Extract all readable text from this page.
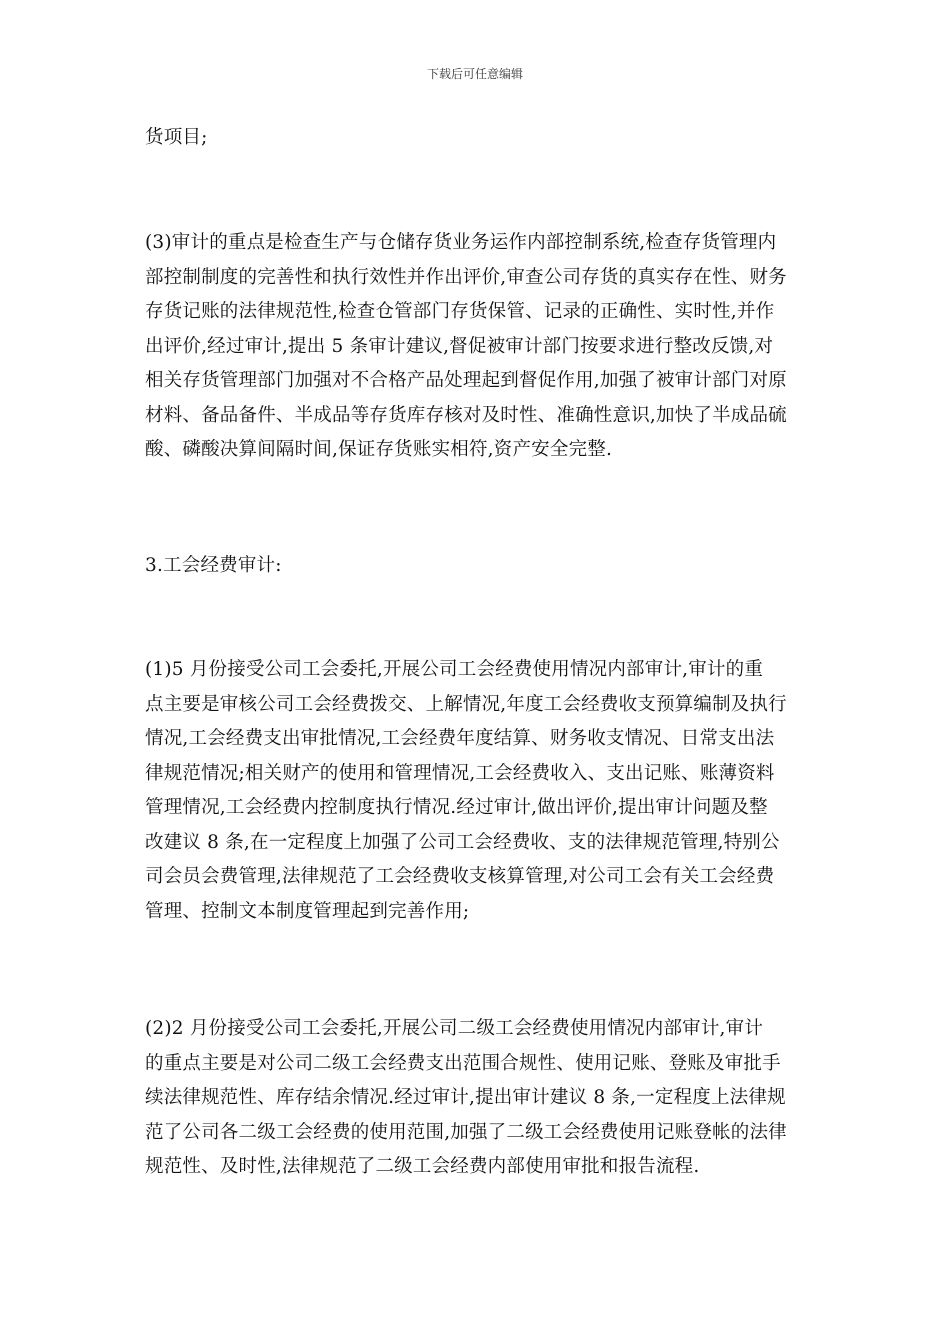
下载后可任意编辑
货项目;
(3)审计的重点是检查生产与仓储存货业务运作内部控制系统,检查存货管理内
部控制制度的完善性和执行效性并作出评价,审查公司存货的真实存在性、财务
存货记账的法律规范性,检查仓管部门存货保管、记录的正确性、实时性,并作
出评价,经过审计,提出 5 条审计建议,督促被审计部门按要求进行整改反馈,对
相关存货管理部门加强对不合格产品处理起到督促作用,加强了被审计部门对原
材料、备品备件、半成品等存货库存核对及时性、准确性意识,加快了半成品硫
酸、磷酸决算间隔时间,保证存货账实相符,资产安全完整.
3.工会经费审计:
(1)5 月份接受公司工会委托,开展公司工会经费使用情况内部审计,审计的重
点主要是审核公司工会经费拨交、上解情况,年度工会经费收支预算编制及执行
情况,工会经费支出审批情况,工会经费年度结算、财务收支情况、日常支出法
律规范情况;相关财产的使用和管理情况,工会经费收入、支出记账、账薄资料
管理情况,工会经费内控制度执行情况.经过审计,做出评价,提出审计问题及整
改建议 8 条,在一定程度上加强了公司工会经费收、支的法律规范管理,特别公
司会员会费管理,法律规范了工会经费收支核算管理,对公司工会有关工会经费
管理、控制文本制度管理起到完善作用;
(2)2 月份接受公司工会委托,开展公司二级工会经费使用情况内部审计,审计
的重点主要是对公司二级工会经费支出范围合规性、使用记账、登账及审批手
续法律规范性、库存结余情况.经过审计,提出审计建议 8 条,一定程度上法律规
范了公司各二级工会经费的使用范围,加强了二级工会经费使用记账登帐的法律
规范性、及时性,法律规范了二级工会经费内部使用审批和报告流程.
